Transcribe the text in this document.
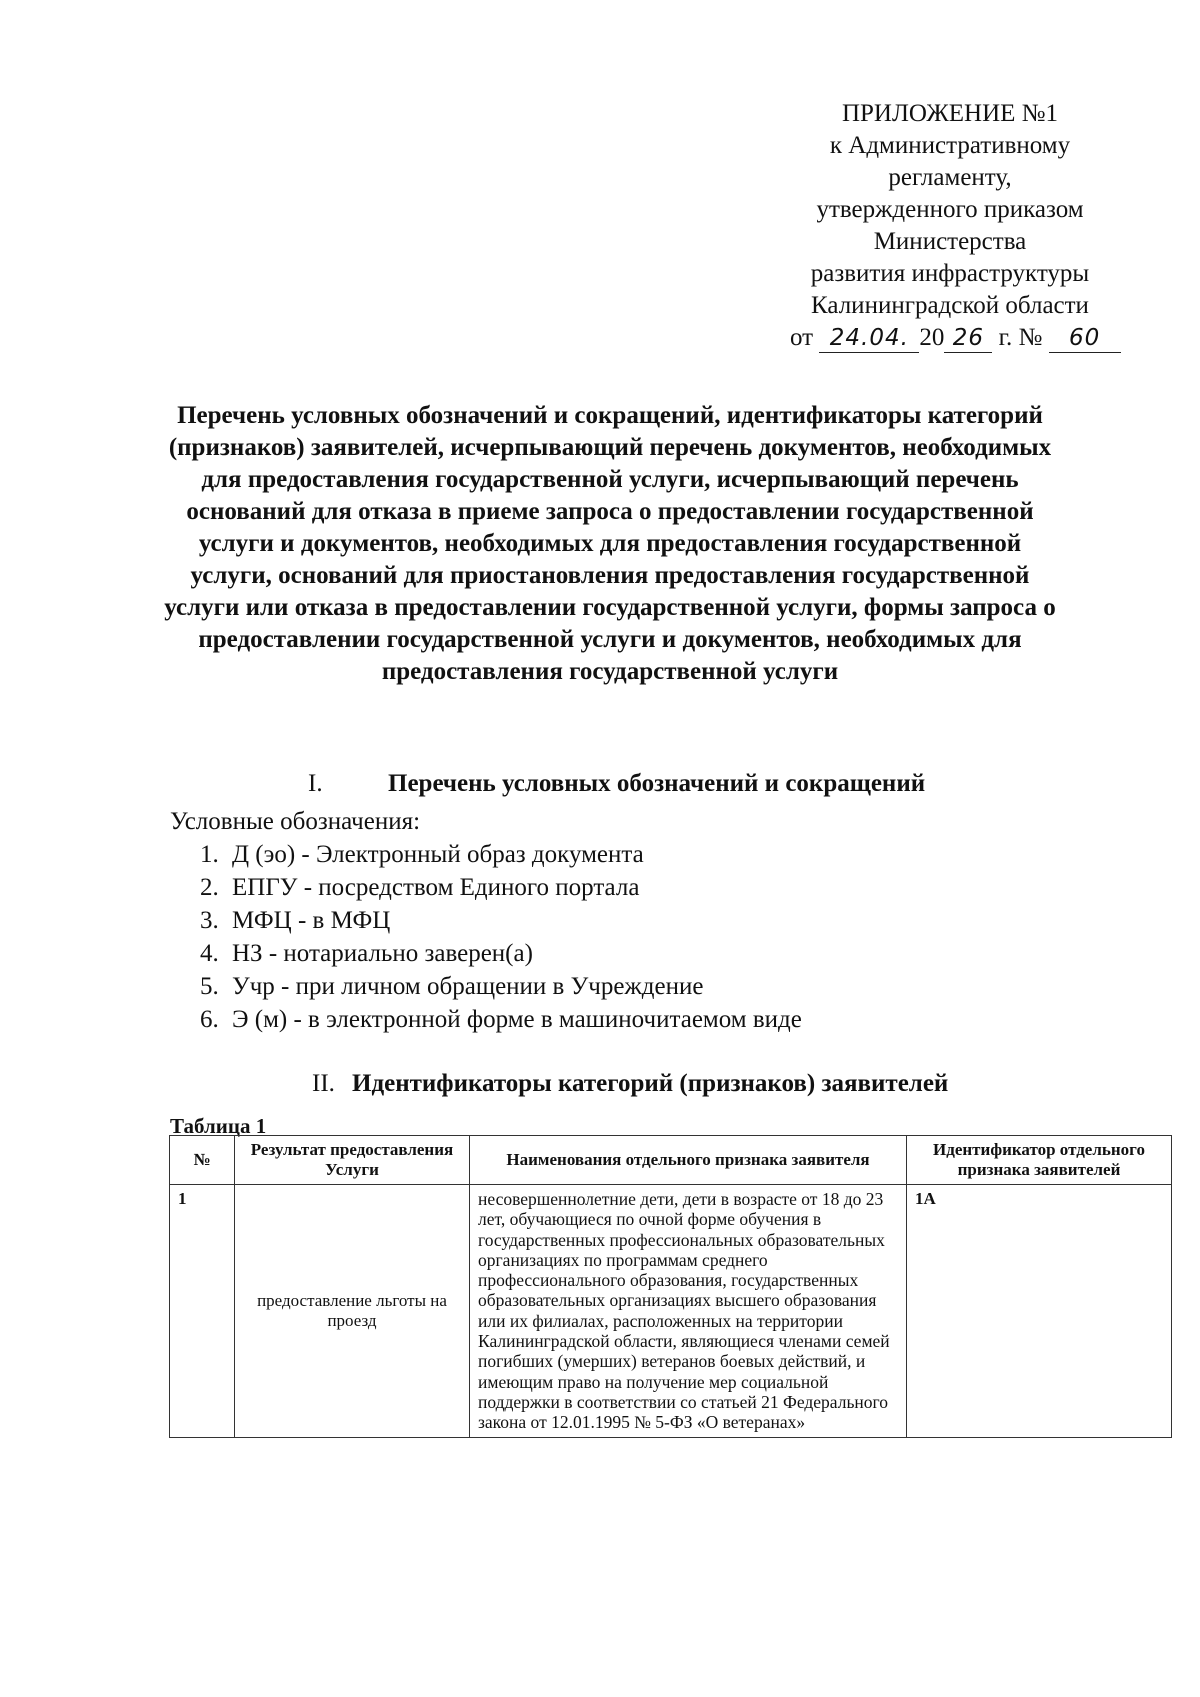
ПРИЛОЖЕНИЕ №1
к Административному
регламенту,
утвержденного приказом
Министерства
развития инфраструктуры
Калининградской области
от 24.04. 20 26 г. № 60
Перечень условных обозначений и сокращений, идентификаторы категорий (признаков) заявителей, исчерпывающий перечень документов, необходимых для предоставления государственной услуги, исчерпывающий перечень оснований для отказа в приеме запроса о предоставлении государственной услуги и документов, необходимых для предоставления государственной услуги, оснований для приостановления предоставления государственной услуги или отказа в предоставлении государственной услуги, формы запроса о предоставлении государственной услуги и документов, необходимых для предоставления государственной услуги
I.	Перечень условных обозначений и сокращений
Условные обозначения:
1. Д (эо) - Электронный образ документа
2. ЕПГУ - посредством Единого портала
3. МФЦ - в МФЦ
4. НЗ - нотариально заверен(а)
5. Учр - при личном обращении в Учреждение
6. Э (м) - в электронной форме в машиночитаемом виде
II. Идентификаторы категорий (признаков) заявителей
Таблица 1
№	Результат предоставления Услуги	Наименования отдельного признака заявителя	Идентификатор отдельного признака заявителей
1	предоставление льготы на проезд	несовершеннолетние дети, дети в возрасте от 18 до 23 лет, обучающиеся по очной форме обучения в государственных профессиональных образовательных организациях по программам среднего профессионального образования, государственных образовательных организациях высшего образования или их филиалах, расположенных на территории Калининградской области, являющиеся членами семей погибших (умерших) ветеранов боевых действий, и имеющим право на получение мер социальной поддержки в соответствии со статьей 21 Федерального закона от 12.01.1995 № 5-ФЗ «О ветеранах»	1А
